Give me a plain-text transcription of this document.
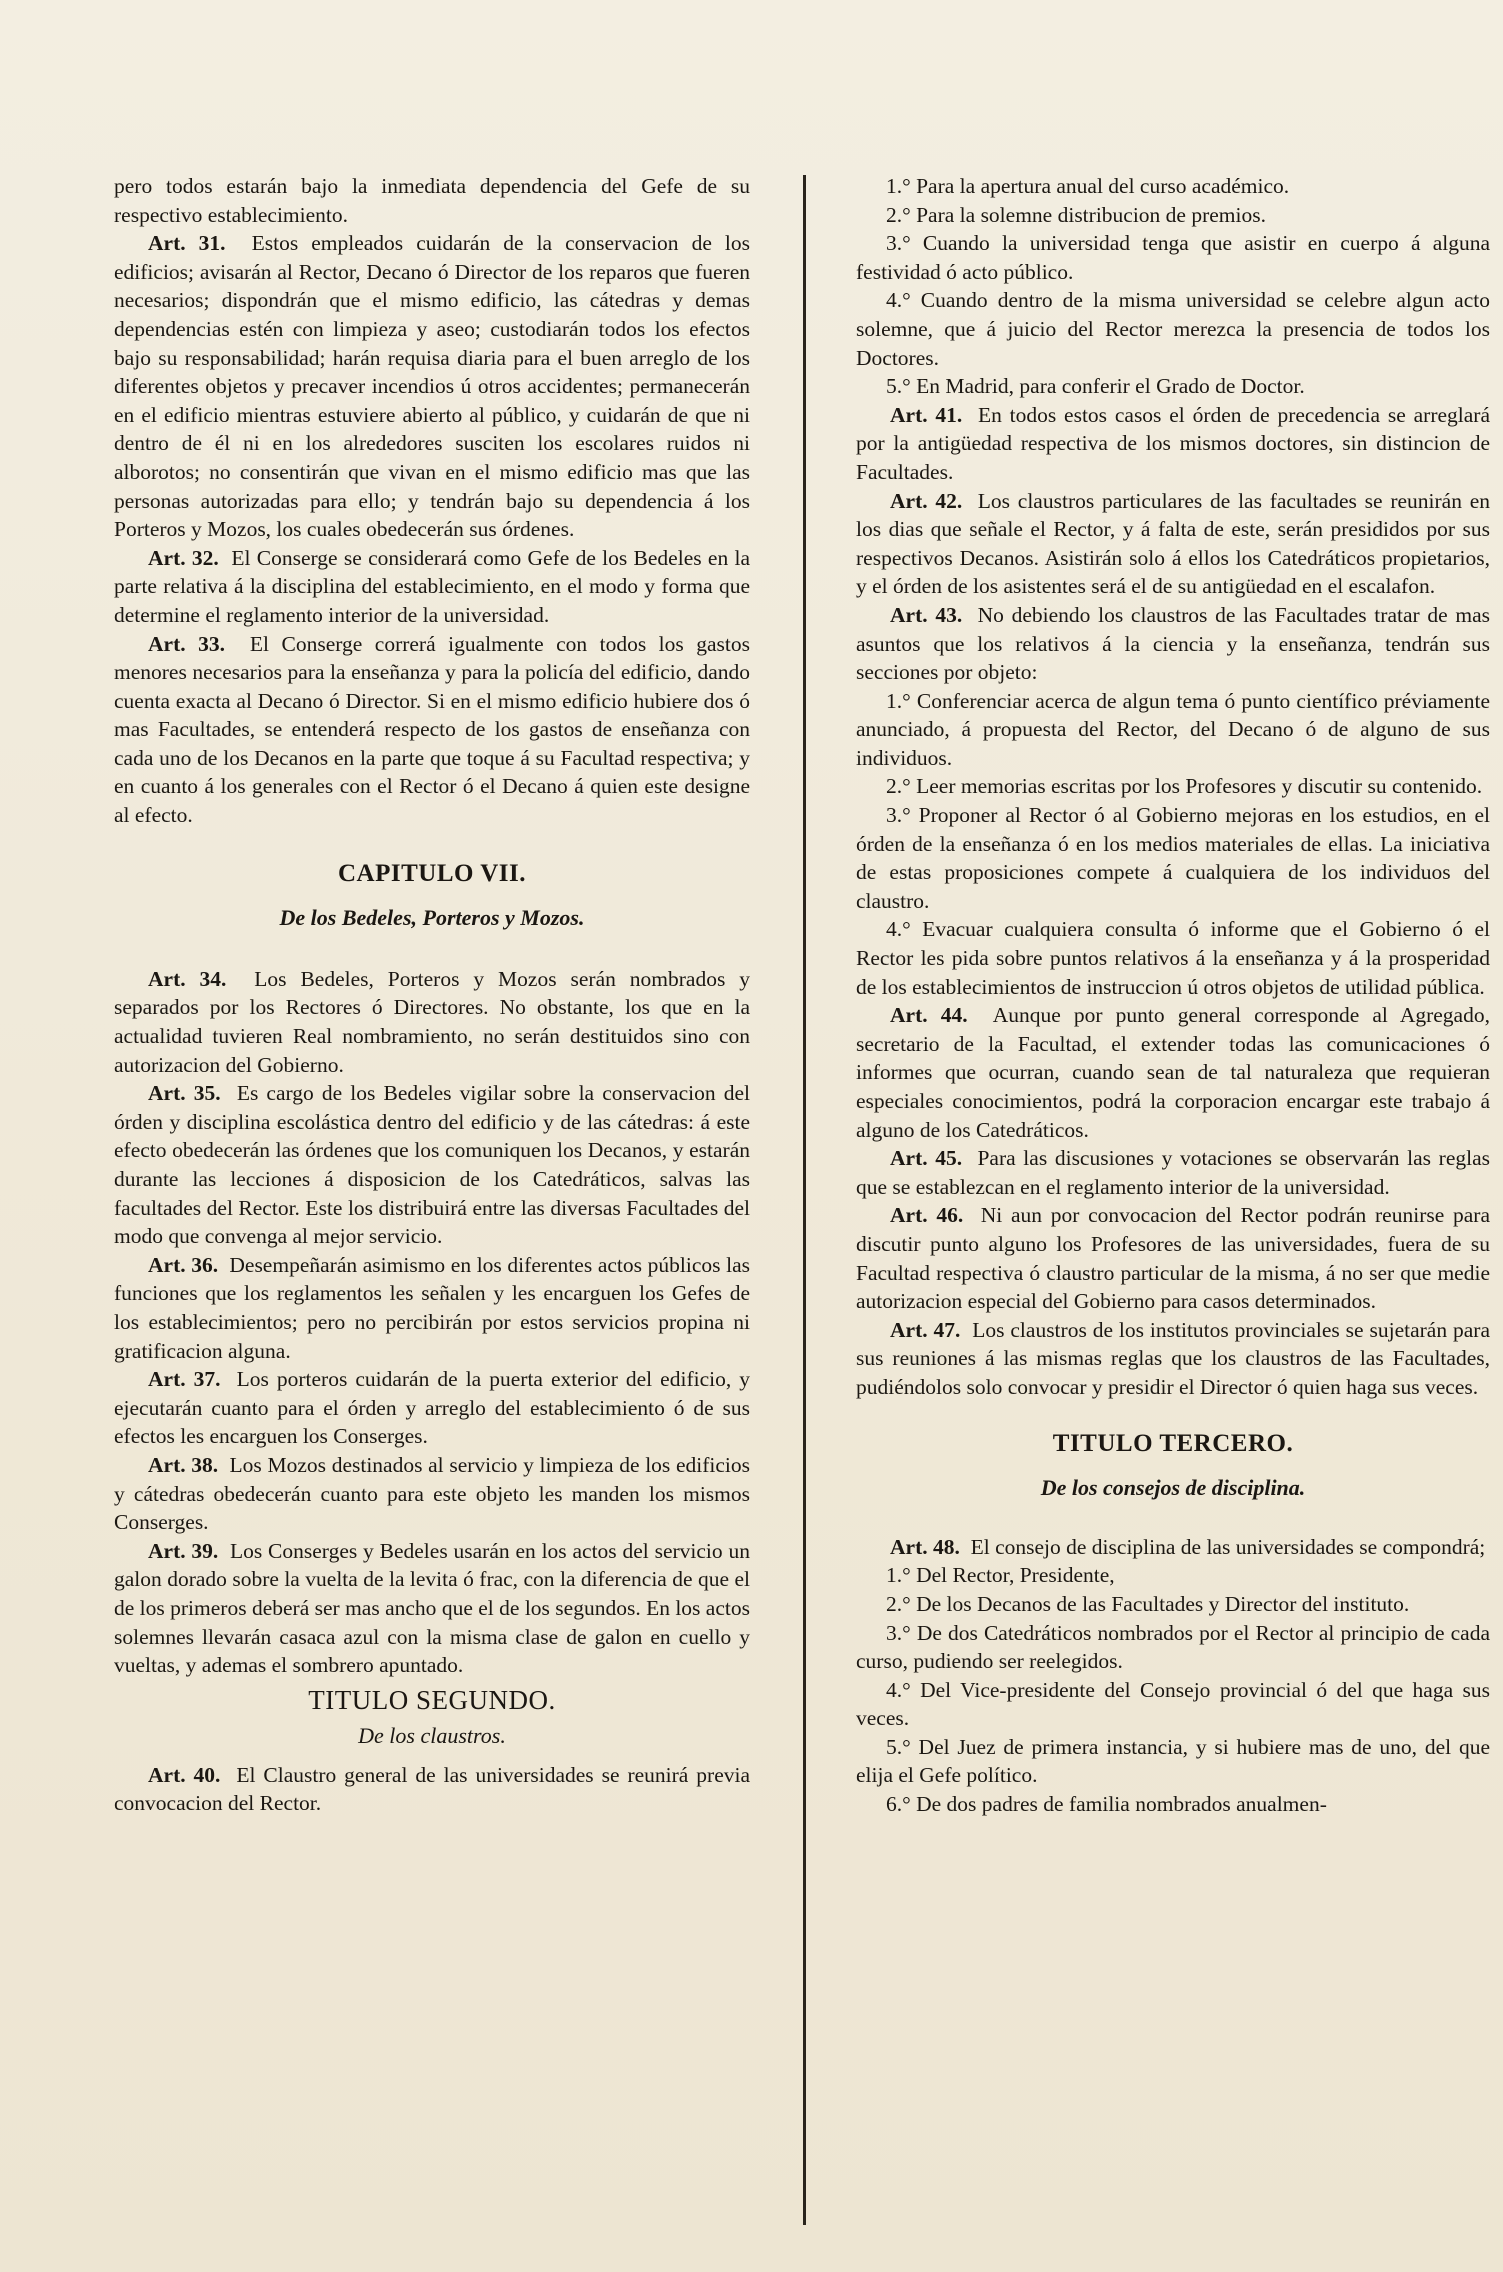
pero todos estarán bajo la inmediata dependencia del Gefe de su respectivo establecimiento.

Art. 31. Estos empleados cuidarán de la conservacion de los edificios; avisarán al Rector, Decano ó Director de los reparos que fueren necesarios; dispondrán que el mismo edificio, las cátedras y demas dependencias estén con limpieza y aseo; custodiarán todos los efectos bajo su responsabilidad; harán requisa diaria para el buen arreglo de los diferentes objetos y precaver incendios ú otros accidentes; permanecerán en el edificio mientras estuviere abierto al público, y cuidarán de que ni dentro de él ni en los alrededores susciten los escolares ruidos ni alborotos; no consentirán que vivan en el mismo edificio mas que las personas autorizadas para ello; y tendrán bajo su dependencia á los Porteros y Mozos, los cuales obedecerán sus órdenes.

Art. 32. El Conserge se considerará como Gefe de los Bedeles en la parte relativa á la disciplina del establecimiento, en el modo y forma que determine el reglamento interior de la universidad.

Art. 33. El Conserge correrá igualmente con todos los gastos menores necesarios para la enseñanza y para la policía del edificio, dando cuenta exacta al Decano ó Director. Si en el mismo edificio hubiere dos ó mas Facultades, se entenderá respecto de los gastos de enseñanza con cada uno de los Decanos en la parte que toque á su Facultad respectiva; y en cuanto á los generales con el Rector ó el Decano á quien este designe al efecto.

CAPITULO VII.
De los Bedeles, Porteros y Mozos.

Art. 34. Los Bedeles, Porteros y Mozos serán nombrados y separados por los Rectores ó Directores. No obstante, los que en la actualidad tuvieren Real nombramiento, no serán destituidos sino con autorizacion del Gobierno.

Art. 35. Es cargo de los Bedeles vigilar sobre la conservacion del órden y disciplina escolástica dentro del edificio y de las cátedras: á este efecto obedecerán las órdenes que los comuniquen los Decanos, y estarán durante las lecciones á disposicion de los Catedráticos, salvas las facultades del Rector. Este los distribuirá entre las diversas Facultades del modo que convenga al mejor servicio.

Art. 36. Desempeñarán asimismo en los diferentes actos públicos las funciones que los reglamentos les señalen y les encarguen los Gefes de los establecimientos; pero no percibirán por estos servicios propina ni gratificacion alguna.

Art. 37. Los porteros cuidarán de la puerta exterior del edificio, y ejecutarán cuanto para el órden y arreglo del establecimiento ó de sus efectos les encarguen los Conserges.

Art. 38. Los Mozos destinados al servicio y limpieza de los edificios y cátedras obedecerán cuanto para este objeto les manden los mismos Conserges.

Art. 39. Los Conserges y Bedeles usarán en los actos del servicio un galon dorado sobre la vuelta de la levita ó frac, con la diferencia de que el de los primeros deberá ser mas ancho que el de los segundos. En los actos solemnes llevarán casaca azul con la misma clase de galon en cuello y vueltas, y ademas el sombrero apuntado.

TITULO SEGUNDO.
De los claustros.

Art. 40. El Claustro general de las universidades se reunirá previa convocacion del Rector.

1.° Para la apertura anual del curso académico.

2.° Para la solemne distribucion de premios.

3.° Cuando la universidad tenga que asistir en cuerpo á alguna festividad ó acto público.

4.° Cuando dentro de la misma universidad se celebre algun acto solemne, que á juicio del Rector merezca la presencia de todos los Doctores.

5.° En Madrid, para conferir el Grado de Doctor.

Art. 41. En todos estos casos el órden de precedencia se arreglará por la antigüedad respectiva de los mismos doctores, sin distincion de Facultades.

Art. 42. Los claustros particulares de las facultades se reunirán en los dias que señale el Rector, y á falta de este, serán presididos por sus respectivos Decanos. Asistirán solo á ellos los Catedráticos propietarios, y el órden de los asistentes será el de su antigüedad en el escalafon.

Art. 43. No debiendo los claustros de las Facultades tratar de mas asuntos que los relativos á la ciencia y la enseñanza, tendrán sus secciones por objeto:

1.° Conferenciar acerca de algun tema ó punto científico préviamente anunciado, á propuesta del Rector, del Decano ó de alguno de sus individuos.

2.° Leer memorias escritas por los Profesores y discutir su contenido.

3.° Proponer al Rector ó al Gobierno mejoras en los estudios, en el órden de la enseñanza ó en los medios materiales de ellas. La iniciativa de estas proposiciones compete á cualquiera de los individuos del claustro.

4.° Evacuar cualquiera consulta ó informe que el Gobierno ó el Rector les pida sobre puntos relativos á la enseñanza y á la prosperidad de los establecimientos de instruccion ú otros objetos de utilidad pública.

Art. 44. Aunque por punto general corresponde al Agregado, secretario de la Facultad, el extender todas las comunicaciones ó informes que ocurran, cuando sean de tal naturaleza que requieran especiales conocimientos, podrá la corporacion encargar este trabajo á alguno de los Catedráticos.

Art. 45. Para las discusiones y votaciones se observarán las reglas que se establezcan en el reglamento interior de la universidad.

Art. 46. Ni aun por convocacion del Rector podrán reunirse para discutir punto alguno los Profesores de las universidades, fuera de su Facultad respectiva ó claustro particular de la misma, á no ser que medie autorizacion especial del Gobierno para casos determinados.

Art. 47. Los claustros de los institutos provinciales se sujetarán para sus reuniones á las mismas reglas que los claustros de las Facultades, pudiéndolos solo convocar y presidir el Director ó quien haga sus veces.

TITULO TERCERO.
De los consejos de disciplina.

Art. 48. El consejo de disciplina de las universidades se compondrá;

1.° Del Rector, Presidente,

2.° De los Decanos de las Facultades y Director del instituto.

3.° De dos Catedráticos nombrados por el Rector al principio de cada curso, pudiendo ser reelegidos.

4.° Del Vice-presidente del Consejo provincial ó del que haga sus veces.

5.° Del Juez de primera instancia, y si hubiere mas de uno, del que elija el Gefe político.

6.° De dos padres de familia nombrados anualmen-
